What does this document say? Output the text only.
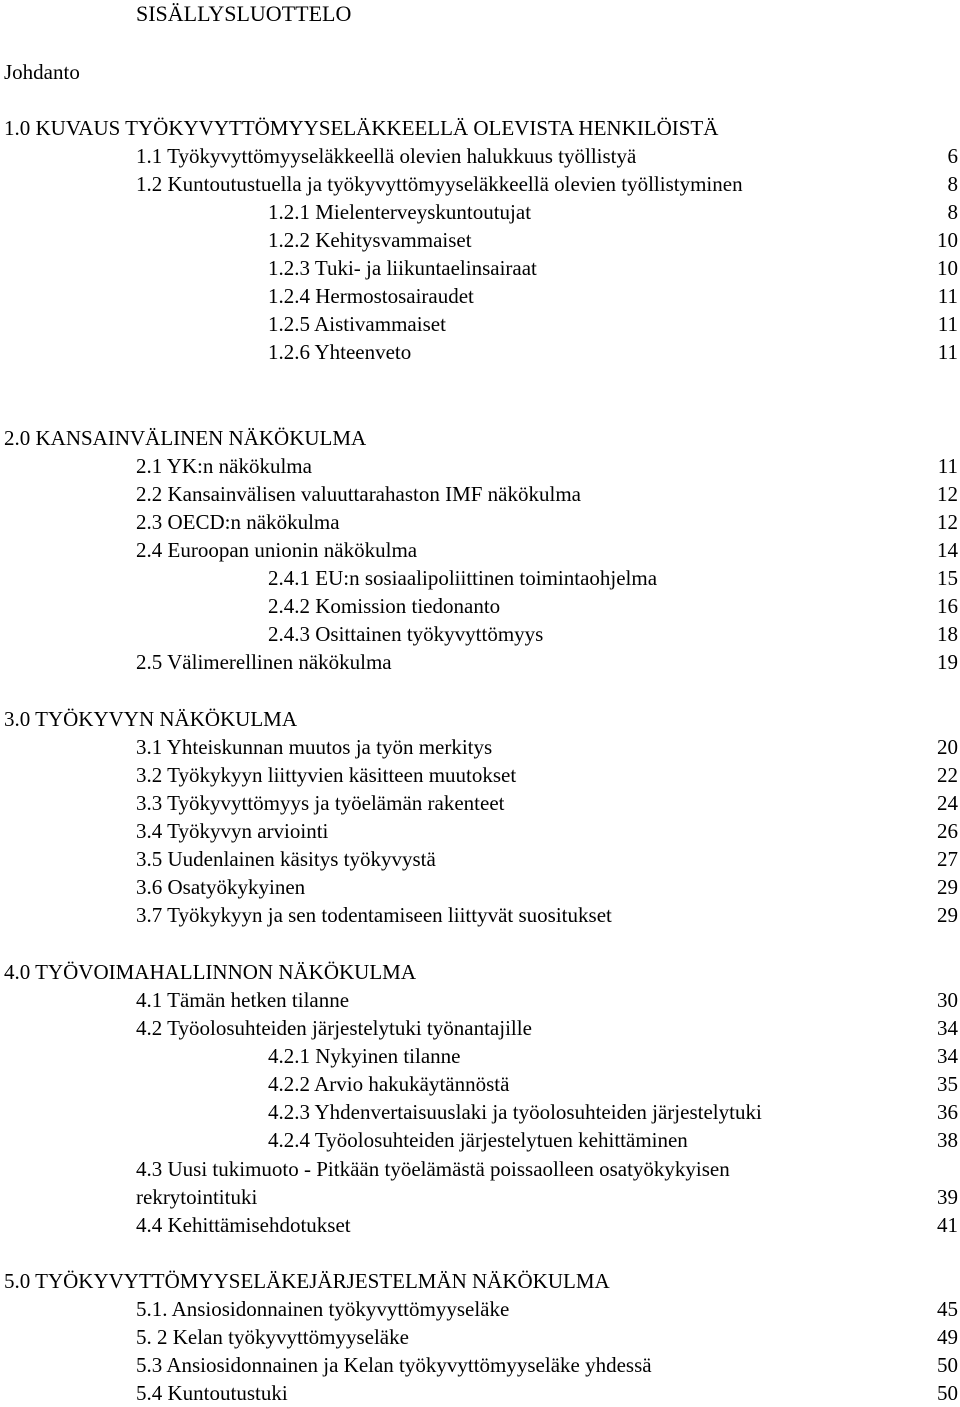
SISÄLLYSLUOTTELO
Johdanto
1.0 KUVAUS TYÖKYVYTTÖMYYSELÄKKEELLÄ OLEVISTA HENKILÖISTÄ
1.1 Työkyvyttömyyseläkkeellä olevien halukkuus työllistyä	6
1.2 Kuntoutustuella ja työkyvyttömyyseläkkeellä olevien työllistyminen	8
1.2.1 Mielenterveyskuntoutujat	8
1.2.2 Kehitysvammaiset	10
1.2.3 Tuki- ja liikuntaelinsairaat	10
1.2.4 Hermostosairaudet	11
1.2.5 Aistivammaiset	11
1.2.6 Yhteenveto	11
2.0 KANSAINVÄLINEN NÄKÖKULMA
2.1 YK:n näkökulma	11
2.2 Kansainvälisen valuuttarahaston IMF näkökulma	12
2.3 OECD:n näkökulma	12
2.4 Euroopan unionin näkökulma	14
2.4.1 EU:n sosiaalipoliittinen toimintaohjelma	15
2.4.2 Komission tiedonanto	16
2.4.3 Osittainen työkyvyttömyys	18
2.5 Välimerellinen näkökulma	19
3.0 TYÖKYVYN NÄKÖKULMA
3.1 Yhteiskunnan muutos ja työn merkitys	20
3.2 Työkykyyn liittyvien käsitteen muutokset	22
3.3 Työkyvyttömyys ja työelämän rakenteet	24
3.4 Työkyvyn arviointi	26
3.5 Uudenlainen käsitys työkyvystä	27
3.6 Osatyökykyinen	29
3.7 Työkykyyn ja sen todentamiseen liittyvät suositukset	29
4.0 TYÖVOIMAHALLINNON NÄKÖKULMA
4.1 Tämän hetken tilanne	30
4.2 Työolosuhteiden järjestelytuki työnantajille	34
4.2.1 Nykyinen tilanne	34
4.2.2 Arvio hakukäytännöstä	35
4.2.3 Yhdenvertaisuuslaki ja työolosuhteiden järjestelytuki	36
4.2.4 Työolosuhteiden järjestelytuen kehittäminen	38
4.3 Uusi tukimuoto - Pitkään työelämästä poissaolleen osatyökykyisen
rekrytointituki	39
4.4 Kehittämisehdotukset	41
5.0 TYÖKYVYTTÖMYYSELÄKEJÄRJESTELMÄN NÄKÖKULMA
5.1. Ansiosidonnainen työkyvyttömyyseläke	45
5. 2 Kelan työkyvyttömyyseläke	49
5.3 Ansiosidonnainen ja Kelan työkyvyttömyyseläke yhdessä	50
5.4 Kuntoutustuki	50
